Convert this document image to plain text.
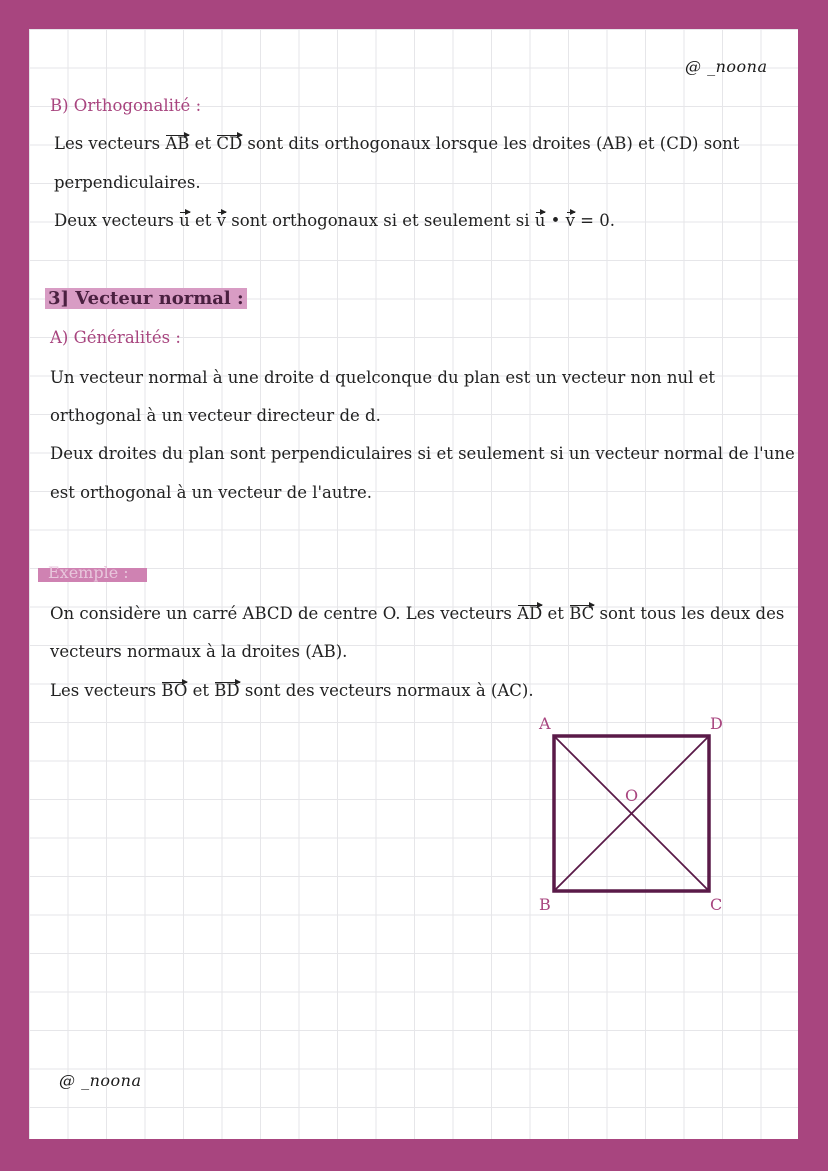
@ _noona
B) Orthogonalité :
Les vecteurs AB et CD sont dits orthogonaux lorsque les droites (AB) et (CD) sont
perpendiculaires.
Deux vecteurs u et v sont orthogonaux si et seulement si u • v = 0.
3] Vecteur normal :
A) Généralités :
Un vecteur normal à une droite d quelconque du plan est un vecteur non nul et
orthogonal à un vecteur directeur de d.
Deux droites du plan sont perpendiculaires si et seulement si un vecteur normal de l'une
est orthogonal à un vecteur de l'autre.
Exemple :
On considère un carré ABCD de centre O. Les vecteurs AD et BC sont tous les deux des
vecteurs normaux à la droites (AB).
Les vecteurs BO et BD sont des vecteurs normaux à (AC).
A	D
B	C
O
@ _noona
